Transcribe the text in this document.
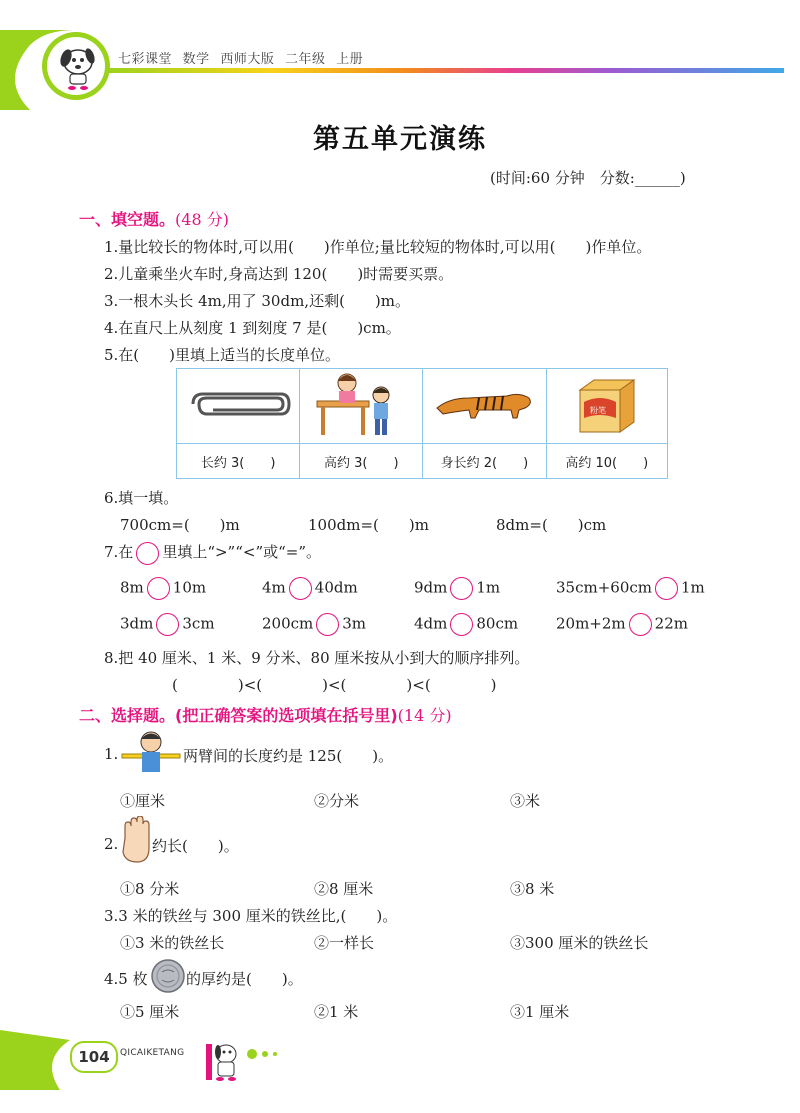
七彩课堂 数学 西师大版 二年级 上册
第五单元演练
(时间:60 分钟　分数:______)
一、填空题。(48 分)
1.量比较长的物体时,可以用(　　)作单位;量比较短的物体时,可以用(　　)作单位。
2.儿童乘坐火车时,身高达到 120(　　)时需要买票。
3.一根木头长 4m,用了 30dm,还剩(　　)m。
4.在直尺上从刻度 1 到刻度 7 是(　　)cm。
5.在(　　)里填上适当的长度单位。

粉笔

长约 3(　　)	高约 3(　　)	身长约 2(　　)	高约 10(　　)
6.填一填。
700cm=(　　)m	100dm=(　　)m	8dm=(　　)cm
7.在 里填上“>”“<”或“=”。
8m 10m	4m 40dm	9dm 1m	35cm+60cm 1m
3dm 3cm	200cm 3m	4dm 80cm	20m+2m 22m
8.把 40 厘米、1 米、9 分米、80 厘米按从小到大的顺序排列。
(　　　　)<(　　　　)<(　　　　)<(　　　　)
二、选择题。(把正确答案的选项填在括号里)(14 分)
1.	两臂间的长度约是 125(　　)。
①厘米	②分米	③米
2. 约长(　　)。
①8 分米	②8 厘米	③8 米
3.3 米的铁丝与 300 厘米的铁丝比,(　　)。
①3 米的铁丝长	②一样长	③300 厘米的铁丝长
4.5 枚	的厚约是(　　)。
①5 厘米	②1 米	③1 厘米
104	QICAIKETANG
